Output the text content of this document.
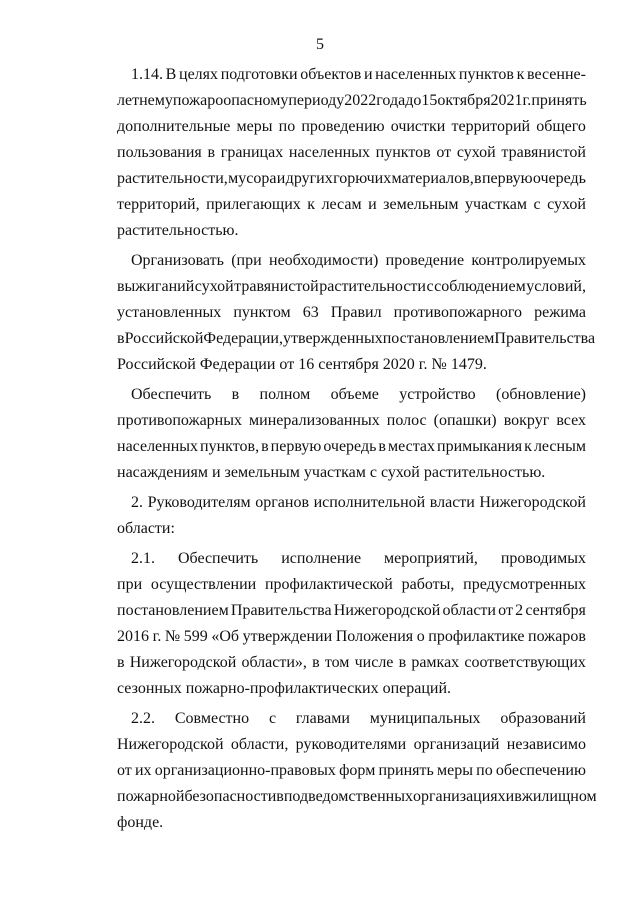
5
1.14. В целях подготовки объектов и населенных пунктов к весенне-
летнему пожароопасному периоду 2022 года до 15 октября 2021 г. принять
дополнительные меры по проведению очистки территорий общего
пользования в границах населенных пунктов от сухой травянистой
растительности, мусора и других горючих материалов, в первую очередь
территорий, прилегающих к лесам и земельным участкам с сухой
растительностью.
Организовать (при необходимости) проведение контролируемых
выжиганий сухой травянистой растительности с соблюдением условий,
установленных пунктом 63 Правил противопожарного режима
в Российской Федерации, утвержденных постановлением Правительства
Российской Федерации от 16 сентября 2020 г. № 1479.
Обеспечить в полном объеме устройство (обновление)
противопожарных минерализованных полос (опашки) вокруг всех
населенных пунктов, в первую очередь в местах примыкания к лесным
насаждениям и земельным участкам с сухой растительностью.
2. Руководителям органов исполнительной власти Нижегородской
области:
2.1. Обеспечить исполнение мероприятий, проводимых
при осуществлении профилактической работы, предусмотренных
постановлением Правительства Нижегородской области от 2 сентября
2016 г. № 599 «Об утверждении Положения о профилактике пожаров
в Нижегородской области», в том числе в рамках соответствующих
сезонных пожарно-профилактических операций.
2.2. Совместно с главами муниципальных образований
Нижегородской области, руководителями организаций независимо
от их организационно-правовых форм принять меры по обеспечению
пожарной безопасности в подведомственных организациях и в жилищном
фонде.
